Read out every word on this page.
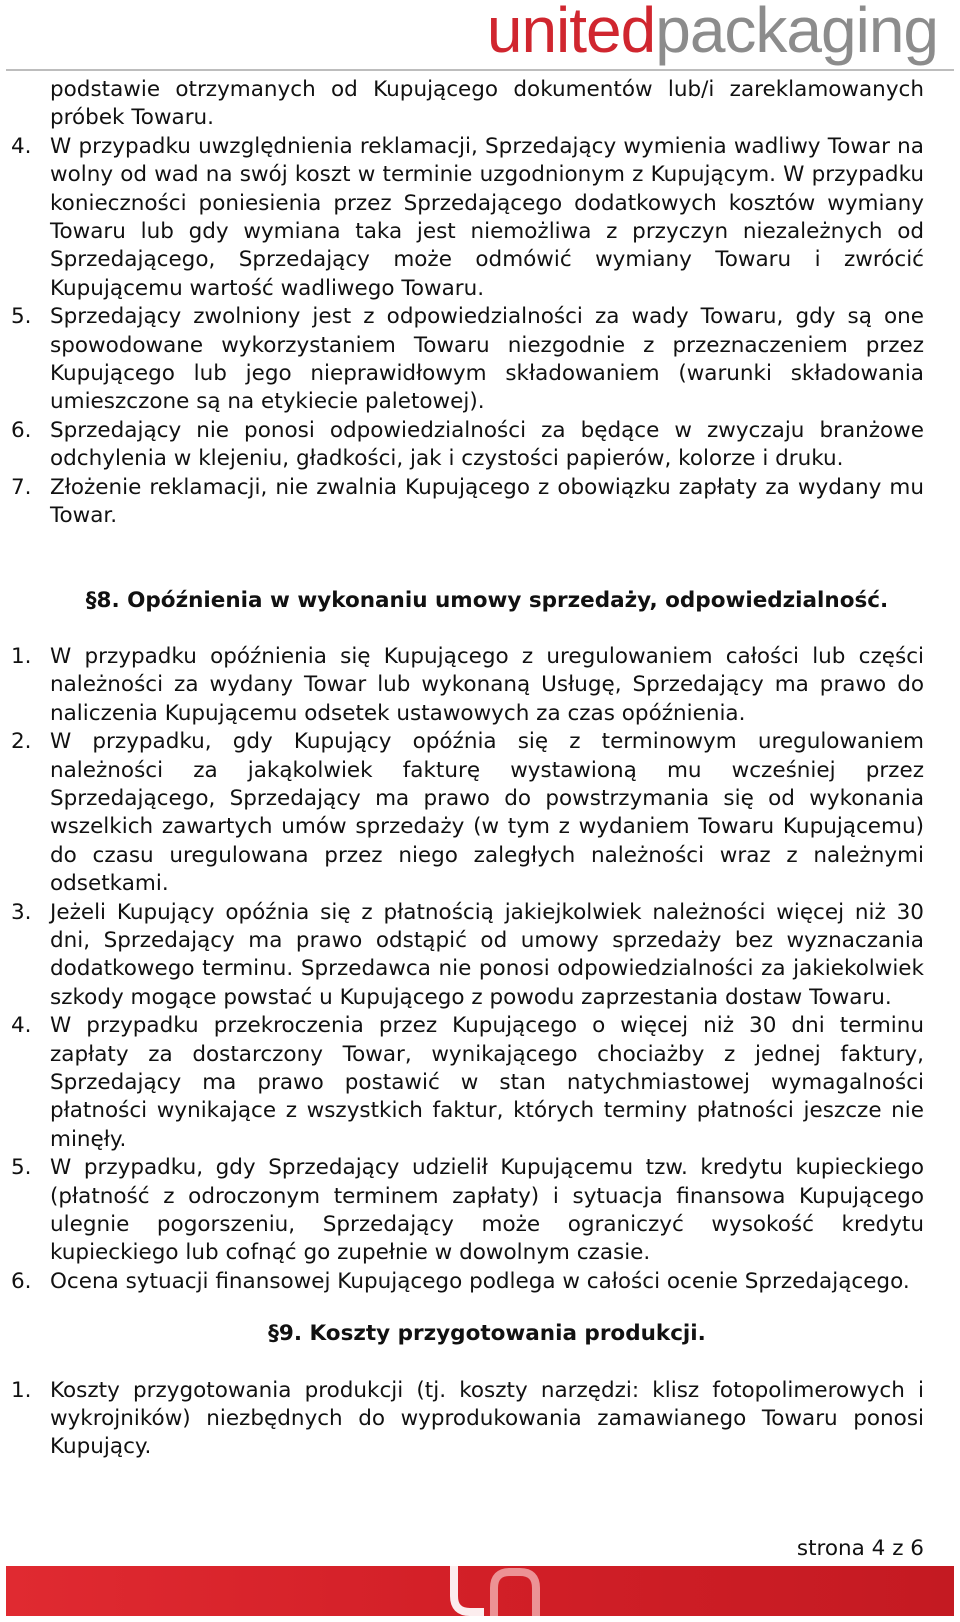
unitedpackaging

podstawie otrzymanych od Kupującego dokumentów lub/i zareklamowanych próbek Towaru.

4. W przypadku uwzględnienia reklamacji, Sprzedający wymienia wadliwy Towar na wolny od wad na swój koszt w terminie uzgodnionym z Kupującym. W przypadku konieczności poniesienia przez Sprzedającego dodatkowych kosztów wymiany Towaru lub gdy wymiana taka jest niemożliwa z przyczyn niezależnych od Sprzedającego, Sprzedający może odmówić wymiany Towaru i zwrócić Kupującemu wartość wadliwego Towaru.
5. Sprzedający zwolniony jest z odpowiedzialności za wady Towaru, gdy są one spowodowane wykorzystaniem Towaru niezgodnie z przeznaczeniem przez Kupującego lub jego nieprawidłowym składowaniem (warunki składowania umieszczone są na etykiecie paletowej).
6. Sprzedający nie ponosi odpowiedzialności za będące w zwyczaju branżowe odchylenia w klejeniu, gładkości, jak i czystości papierów, kolorze i druku.
7. Złożenie reklamacji, nie zwalnia Kupującego z obowiązku zapłaty za wydany mu Towar.
§8. Opóźnienia w wykonaniu umowy sprzedaży, odpowiedzialność.
1. W przypadku opóźnienia się Kupującego z uregulowaniem całości lub części należności za wydany Towar lub wykonaną Usługę, Sprzedający ma prawo do naliczenia Kupującemu odsetek ustawowych za czas opóźnienia.
2. W przypadku, gdy Kupujący opóźnia się z terminowym uregulowaniem należności za jakąkolwiek fakturę wystawioną mu wcześniej przez Sprzedającego, Sprzedający ma prawo do powstrzymania się od wykonania wszelkich zawartych umów sprzedaży (w tym z wydaniem Towaru Kupującemu) do czasu uregulowana przez niego zaległych należności wraz z należnymi odsetkami.
3. Jeżeli Kupujący opóźnia się z płatnością jakiejkolwiek należności więcej niż 30 dni, Sprzedający ma prawo odstąpić od umowy sprzedaży bez wyznaczania dodatkowego terminu. Sprzedawca nie ponosi odpowiedzialności za jakiekolwiek szkody mogące powstać u Kupującego z powodu zaprzestania dostaw Towaru.
4. W przypadku przekroczenia przez Kupującego o więcej niż 30 dni terminu zapłaty za dostarczony Towar, wynikającego chociażby z jednej faktury, Sprzedający ma prawo postawić w stan natychmiastowej wymagalności płatności wynikające z wszystkich faktur, których terminy płatności jeszcze nie minęły.
5. W przypadku, gdy Sprzedający udzielił Kupującemu tzw. kredytu kupieckiego (płatność z odroczonym terminem zapłaty) i sytuacja finansowa Kupującego ulegnie pogorszeniu, Sprzedający może ograniczyć wysokość kredytu kupieckiego lub cofnąć go zupełnie w dowolnym czasie.
6. Ocena sytuacji finansowej Kupującego podlega w całości ocenie Sprzedającego.
§9. Koszty przygotowania produkcji.
1. Koszty przygotowania produkcji (tj. koszty narzędzi: klisz fotopolimerowych i wykrojników) niezbędnych do wyprodukowania zamawianego Towaru ponosi Kupujący.
strona 4 z 6
